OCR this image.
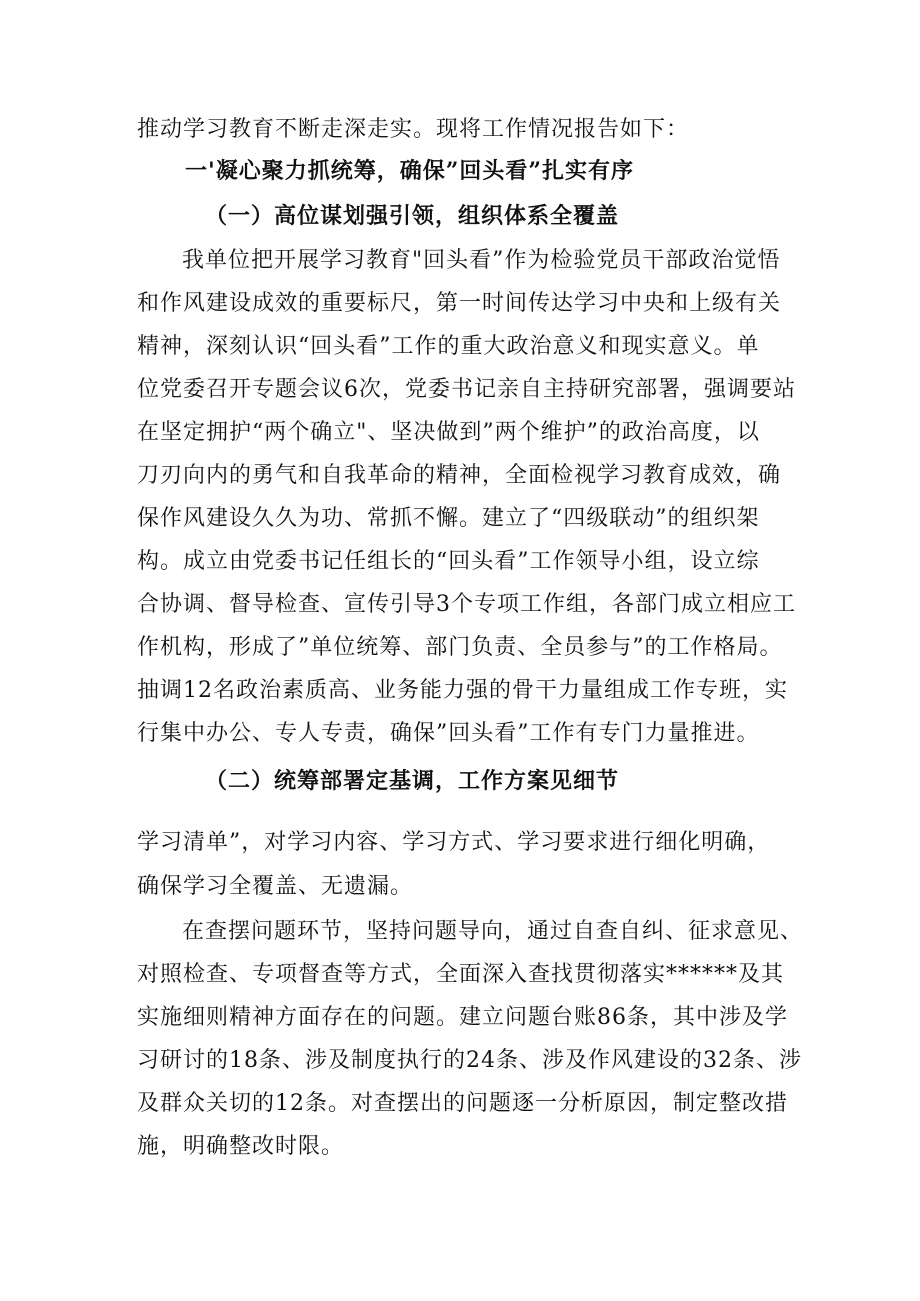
推动学习教育不断走深走实。现将工作情况报告如下：
一'凝心聚力抓统筹，确保”回头看”扎实有序
（一）高位谋划强引领，组织体系全覆盖
我单位把开展学习教育"回头看”作为检验党员干部政治觉悟
和作风建设成效的重要标尺，第一时间传达学习中央和上级有关
精神，深刻认识“回头看”工作的重大政治意义和现实意义。单
位党委召开专题会议6次，党委书记亲自主持研究部署，强调要站
在坚定拥护“两个确立"、坚决做到”两个维护”的政治高度，以
刀刃向内的勇气和自我革命的精神，全面检视学习教育成效，确
保作风建设久久为功、常抓不懈。建立了“四级联动”的组织架
构。成立由党委书记任组长的“回头看”工作领导小组，设立综
合协调、督导检查、宣传引导3个专项工作组，各部门成立相应工
作机构，形成了”单位统筹、部门负责、全员参与”的工作格局。
抽调12名政治素质高、业务能力强的骨干力量组成工作专班，实
行集中办公、专人专责，确保”回头看”工作有专门力量推进。
（二）统筹部署定基调，工作方案见细节
学习清单”，对学习内容、学习方式、学习要求进行细化明确，
确保学习全覆盖、无遗漏。
在查摆问题环节，坚持问题导向，通过自查自纠、征求意见、
对照检查、专项督查等方式，全面深入查找贯彻落实******及其
实施细则精神方面存在的问题。建立问题台账86条，其中涉及学
习研讨的18条、涉及制度执行的24条、涉及作风建设的32条、涉
及群众关切的12条。对查摆出的问题逐一分析原因，制定整改措
施，明确整改时限。
